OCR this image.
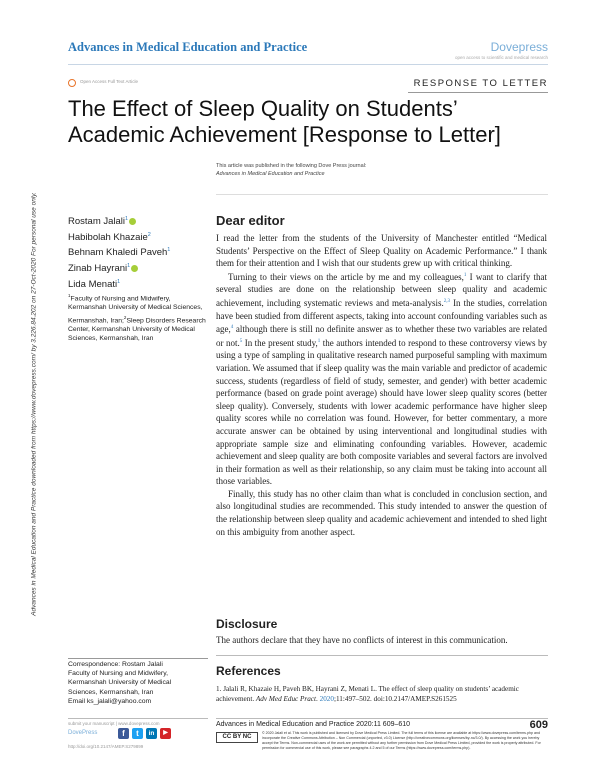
Advances in Medical Education and Practice	Dovepress
open access to scientific and medical research
Open Access Full Text Article	RESPONSE TO LETTER
The Effect of Sleep Quality on Students’ Academic Achievement [Response to Letter]
This article was published in the following Dove Press journal:
Advances in Medical Education and Practice
Advances in Medical Education and Practice downloaded from https://www.dovepress.com/ by 3.226.84.202 on 27-Oct-2020 For personal use only.	Rostam Jalali$^1$
Habibolah Khazaie$^2$
Behnam Khaledi Paveh$^1$
Zinab Hayrani$^1$
Lida Menati$^1$
$^1$Faculty of Nursing and Midwifery, Kermanshah University of Medical Sciences, Kermanshah, Iran;$^2$Sleep Disorders Research Center, Kermanshah University of Medical Sciences, Kermanshah, Iran
Dear editor

I read the letter from the students of the University of Manchester entitled “Medical Students’ Perspective on the Effect of Sleep Quality on Academic Performance.” I thank them for their attention and I wish that our students grew up with critical thinking.

Turning to their views on the article by me and my colleagues,$^1$ I want to clarify that several studies are done on the relationship between sleep quality and academic achievement, including systematic reviews and meta-analysis.$^{2,3}$ In the studies, correlation have been studied from different aspects, taking into account confounding variables such as age,$^4$ although there is still no definite answer as to whether these two variables are related or not.$^5$ In the present study,$^1$ the authors intended to respond to these controversy views by using a type of sampling in qualitative research named purposeful sampling with maximum variation. We assumed that if sleep quality was the main variable and predictor of academic success, students (regardless of field of study, semester, and gender) with better academic performance (based on grade point average) should have lower sleep quality scores (better sleep quality). Conversely, students with lower academic performance have higher sleep quality scores while no correlation was found. However, for better commentary, a more accurate answer can be obtained by using interventional and longitudinal studies with appropriate sample size and eliminating confounding variables. However, academic achievement and sleep quality are both composite variables and several factors are involved in their formation as well as their relationship, so any claim must be taking into account all those variables.

Finally, this study has no other claim than what is concluded in conclusion section, and also longitudinal studies are recommended. This study intended to answer the question of the relationship between sleep quality and academic achievement and intended to shed light on this ambiguity from another aspect.

Disclosure
The authors declare that they have no conflicts of interest in this communication.
References
1. Jalali R, Khazaie H, Paveh BK, Hayrani Z, Menati L. The effect of sleep quality on students’ academic achievement. Adv Med Educ Pract. 2020;11:497–502. doi:10.2147/AMEP.S261525
Correspondence: Rostam Jalali
Faculty of Nursing and Midwifery,
Kermanshah University of Medical
Sciences, Kermanshah, Iran
Email ks_jalali@yahoo.com
submit your manuscript | www.dovepress.com
DovePress	f	t	in	▶
http://doi.org/10.2147/AMEP.S279899
Advances in Medical Education and Practice 2020:11 609–610	609
CC BY NC
© 2020 Jalali et al. This work is published and licensed by Dove Medical Press Limited. The full terms of this license are available at https://www.dovepress.com/terms.php and incorporate the Creative Commons Attribution – Non Commercial (unported, v3.0) License (http://creativecommons.org/licenses/by-nc/3.0/). By accessing the work you hereby accept the Terms. Non-commercial uses of the work are permitted without any further permission from Dove Medical Press Limited, provided the work is properly attributed. For permission for commercial use of this work, please see paragraphs 4.2 and 5 of our Terms (https://www.dovepress.com/terms.php).
